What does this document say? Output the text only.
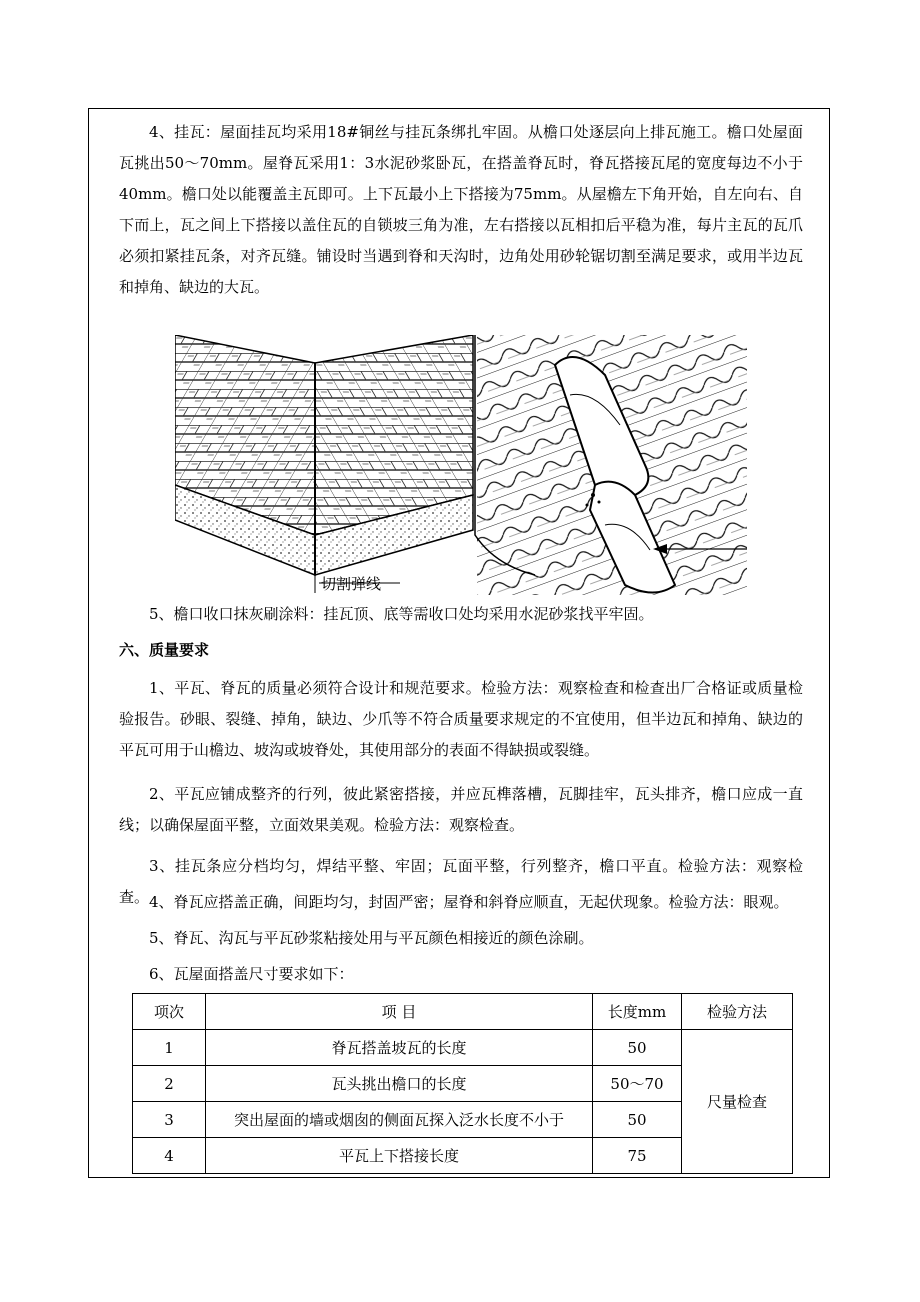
4、挂瓦：屋面挂瓦均采用18#铜丝与挂瓦条绑扎牢固。从檐口处逐层向上排瓦施工。檐口处屋面瓦挑出50～70mm。屋脊瓦采用1：3水泥砂浆卧瓦，在搭盖脊瓦时，脊瓦搭接瓦尾的宽度每边不小于40mm。檐口处以能覆盖主瓦即可。上下瓦最小上下搭接为75mm。从屋檐左下角开始，自左向右、自下而上，瓦之间上下搭接以盖住瓦的自锁坡三角为准，左右搭接以瓦相扣后平稳为准，每片主瓦的瓦爪必须扣紧挂瓦条，对齐瓦缝。铺设时当遇到脊和天沟时，边角处用砂轮锯切割至满足要求，或用半边瓦和掉角、缺边的大瓦。

切割弹线

5、檐口收口抹灰刷涂料：挂瓦顶、底等需收口处均采用水泥砂浆找平牢固。

六、质量要求

1、平瓦、脊瓦的质量必须符合设计和规范要求。检验方法：观察检查和检查出厂合格证或质量检验报告。砂眼、裂缝、掉角，缺边、少爪等不符合质量要求规定的不宜使用，但半边瓦和掉角、缺边的平瓦可用于山檐边、坡沟或坡脊处，其使用部分的表面不得缺损或裂缝。

2、平瓦应铺成整齐的行列，彼此紧密搭接，并应瓦榫落槽，瓦脚挂牢，瓦头排齐，檐口应成一直线；以确保屋面平整，立面效果美观。检验方法：观察检查。

3、挂瓦条应分档均匀，焊结平整、牢固；瓦面平整，行列整齐，檐口平直。检验方法：观察检查。 4、脊瓦应搭盖正确，间距均匀，封固严密；屋脊和斜脊应顺直，无起伏现象。检验方法：眼观。

5、脊瓦、沟瓦与平瓦砂浆粘接处用与平瓦颜色相接近的颜色涂刷。

6、瓦屋面搭盖尺寸要求如下：

项次	项 目	长度mm	检验方法
1	脊瓦搭盖坡瓦的长度	50	尺量检查
2	瓦头挑出檐口的长度	50～70	
3	突出屋面的墙或烟囱的侧面瓦探入泛水长度不小于	50	
4	平瓦上下搭接长度	75	
